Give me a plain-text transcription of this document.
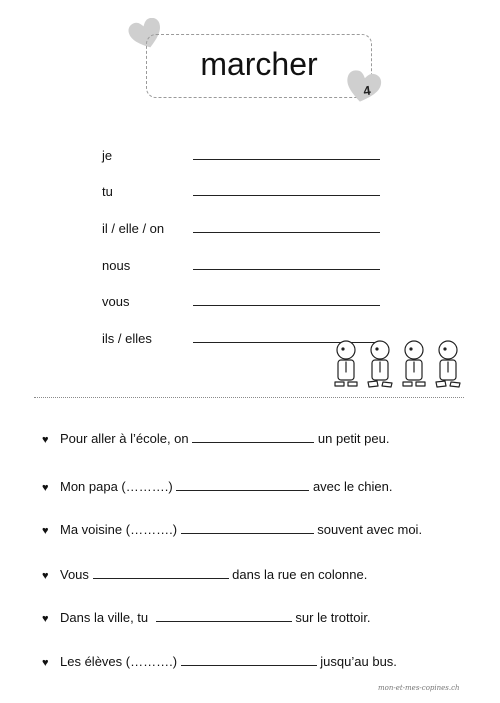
marcher
4
je
tu
il / elle / on
nous
vous
ils / elles
♥ Pour aller à l’école, on	un petit peu.
♥ Mon papa (……….)	avec le chien.
♥ Ma voisine (……….)	souvent avec moi.
♥ Vous	dans la rue en colonne.
♥ Dans la ville, tu	sur le trottoir.
♥ Les élèves (……….)	jusqu’au bus.
mon-et-mes-copines.ch
